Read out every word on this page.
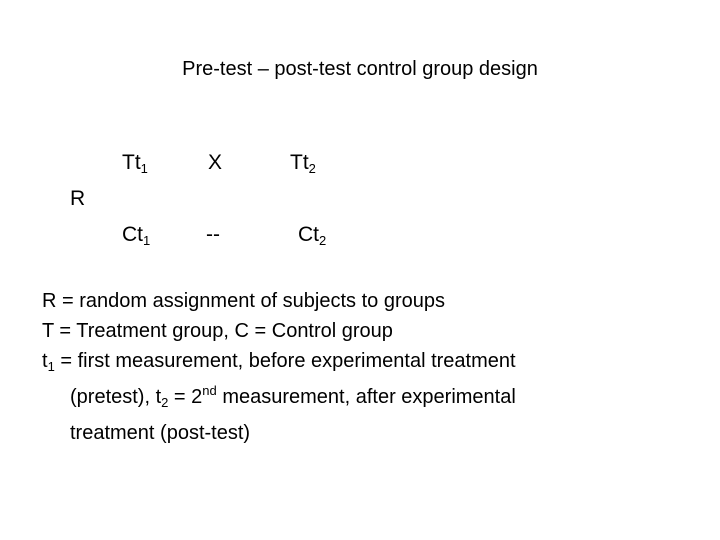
Pre-test – post-test control group design
R
$Tt_1$	X	$Tt_2$
$Ct_1$	--	$Ct_2$
R = random assignment of subjects to groups
T = Treatment group, C = Control group
$t_1$ = first measurement, before experimental treatment
(pretest), $t_2 = 2nd$ measurement, after experimental
treatment (post-test)
